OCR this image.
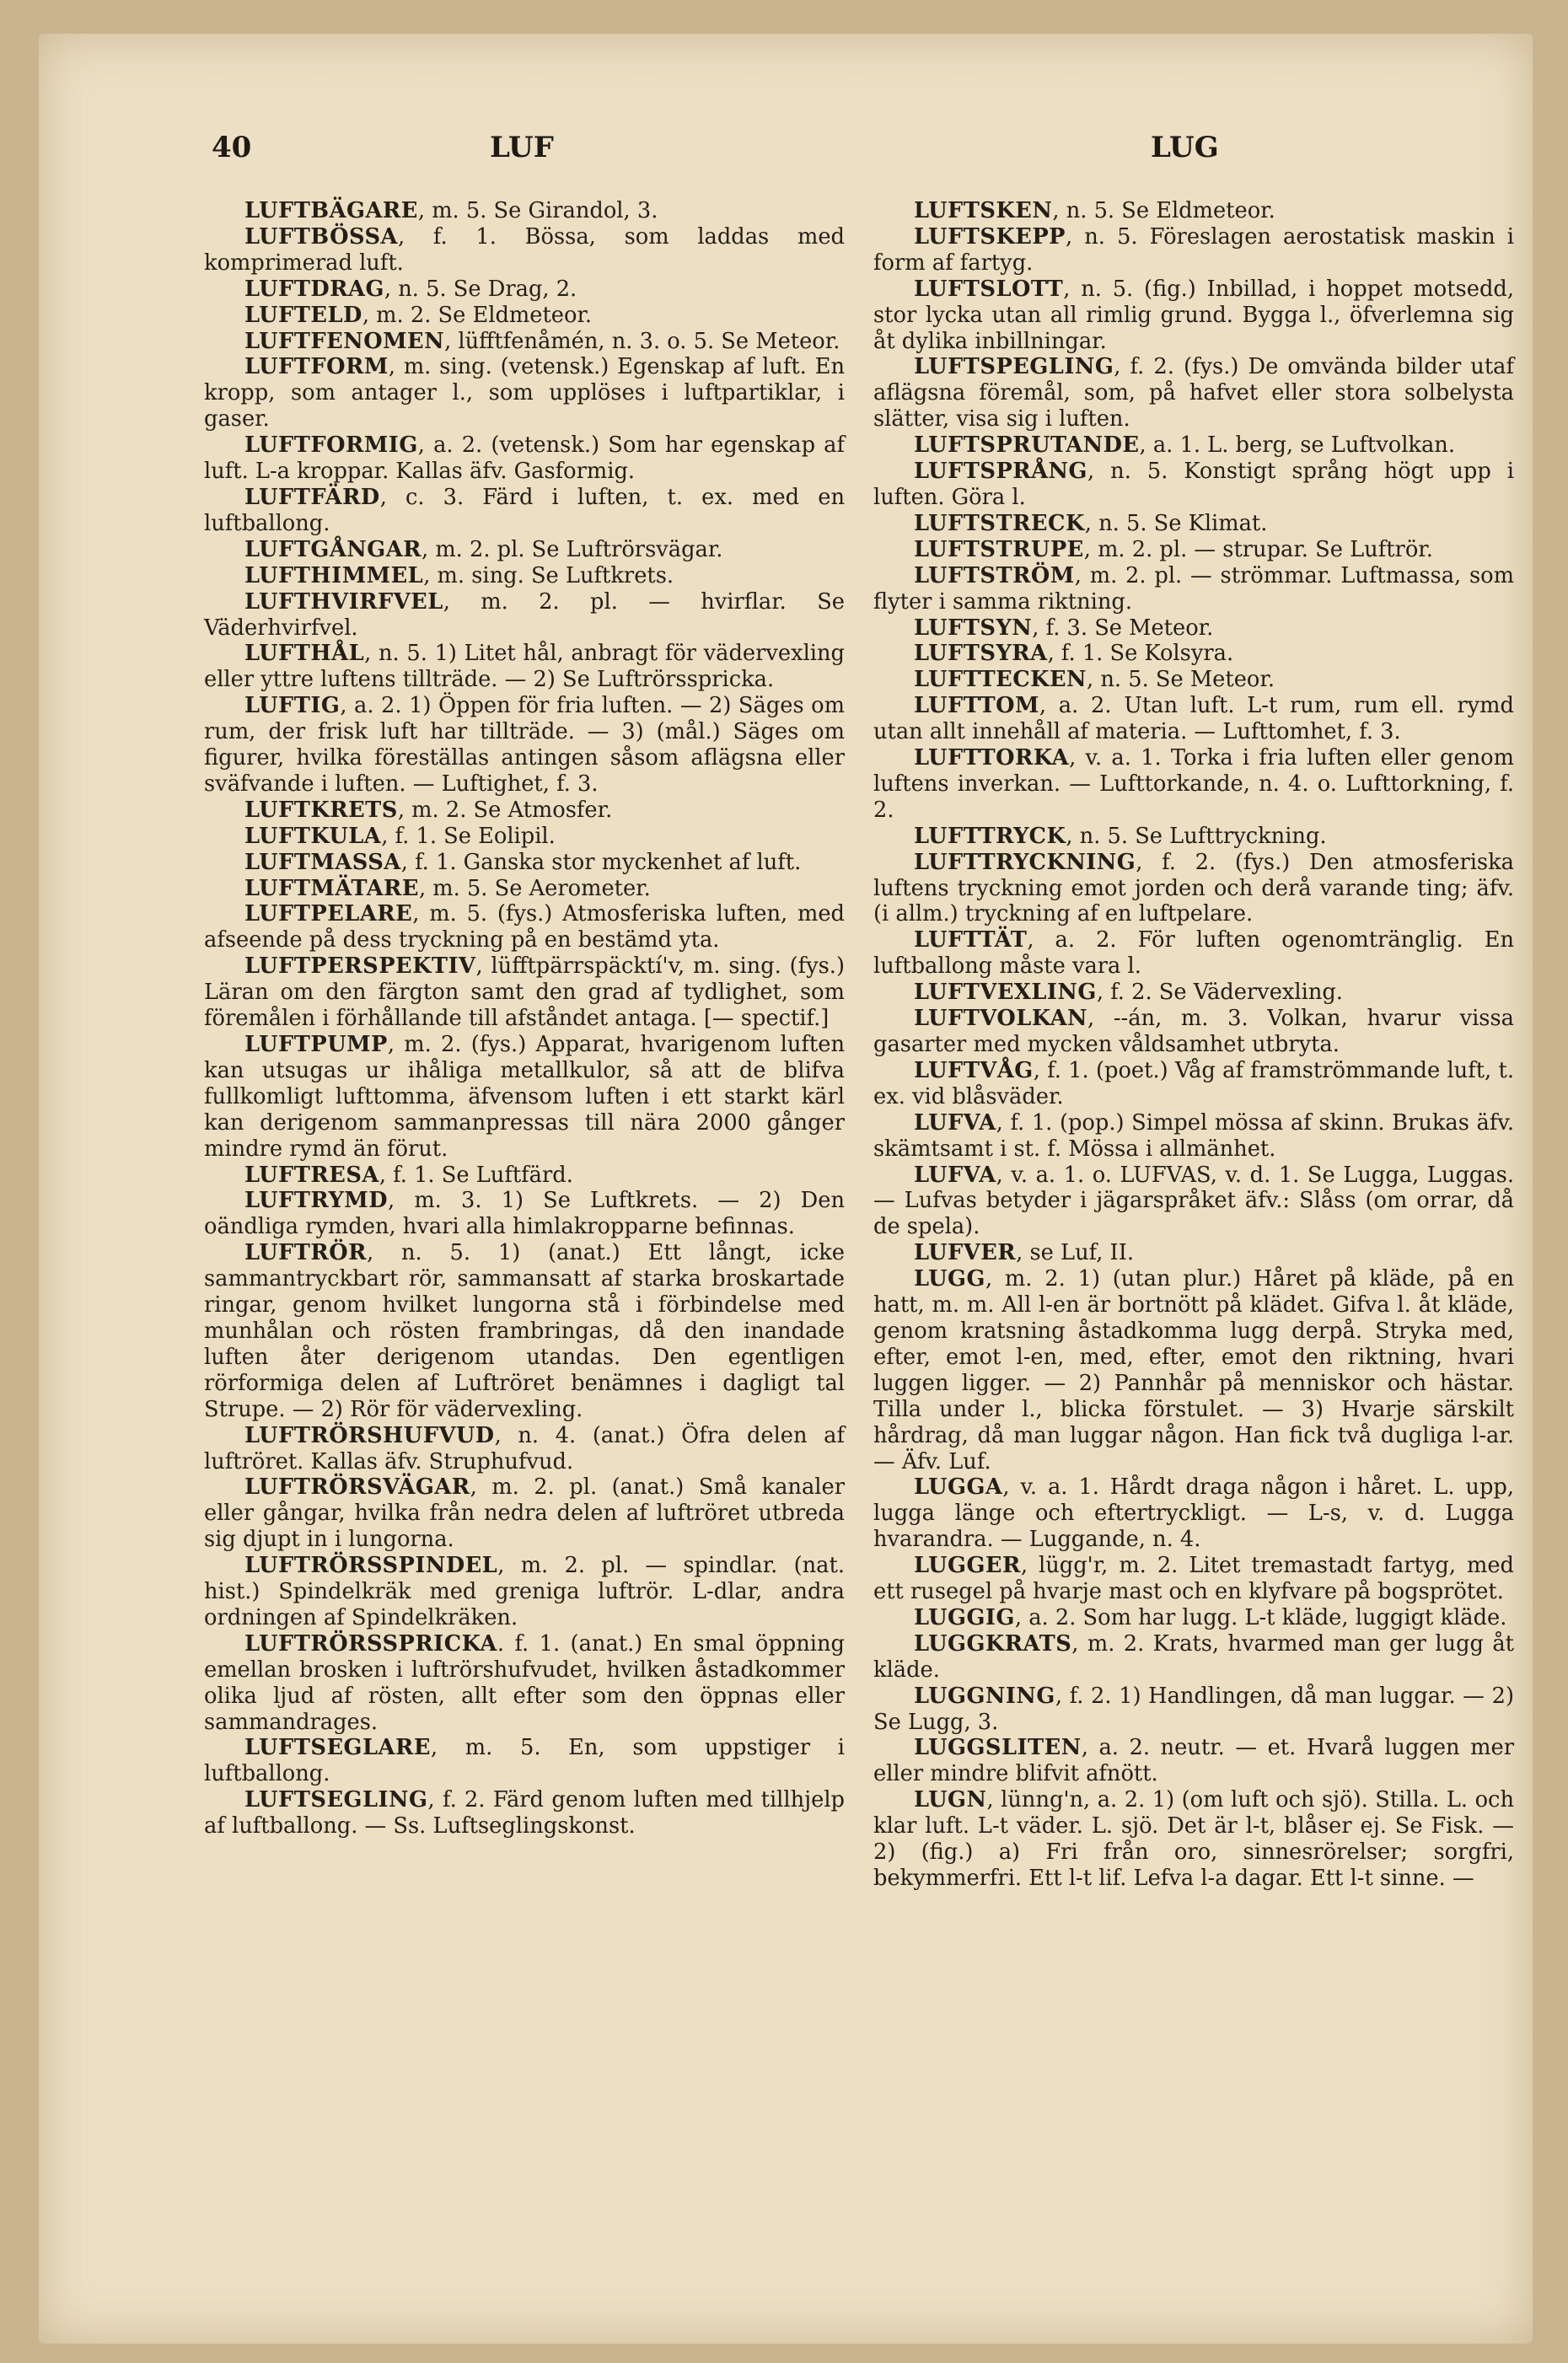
40	LUF	LUG

LUFTBÄGARE, m. 5. Se Girandol, 3.

LUFTBÖSSA, f. 1. Bössa, som laddas med komprimerad luft.

LUFTDRAG, n. 5. Se Drag, 2.

LUFTELD, m. 2. Se Eldmeteor.

LUFTFENOMEN, lüfftfenåmén, n. 3. o. 5. Se Meteor.

LUFTFORM, m. sing. (vetensk.) Egenskap af luft. En kropp, som antager l., som upplöses i luftpartiklar, i gaser.

LUFTFORMIG, a. 2. (vetensk.) Som har egenskap af luft. L-a kroppar. Kallas äfv. Gasformig.

LUFTFÄRD, c. 3. Färd i luften, t. ex. med en luftballong.

LUFTGÅNGAR, m. 2. pl. Se Luftrörsvägar.

LUFTHIMMEL, m. sing. Se Luftkrets.

LUFTHVIRFVEL, m. 2. pl. — hvirflar. Se Väderhvirfvel.

LUFTHÅL, n. 5. 1) Litet hål, anbragt för vädervexling eller yttre luftens tillträde. — 2) Se Luftrörsspricka.

LUFTIG, a. 2. 1) Öppen för fria luften. — 2) Säges om rum, der frisk luft har tillträde. — 3) (mål.) Säges om figurer, hvilka föreställas antingen såsom aflägsna eller sväfvande i luften. — Luftighet, f. 3.

LUFTKRETS, m. 2. Se Atmosfer.

LUFTKULA, f. 1. Se Eolipil.

LUFTMASSA, f. 1. Ganska stor myckenhet af luft.

LUFTMÄTARE, m. 5. Se Aerometer.

LUFTPELARE, m. 5. (fys.) Atmosferiska luften, med afseende på dess tryckning på en bestämd yta.

LUFTPERSPEKTIV, lüfftpärrspäcktí'v, m. sing. (fys.) Läran om den färgton samt den grad af tydlighet, som föremålen i förhållande till afståndet antaga. [— spectif.]

LUFTPUMP, m. 2. (fys.) Apparat, hvarigenom luften kan utsugas ur ihåliga metallkulor, så att de blifva fullkomligt lufttomma, äfvensom luften i ett starkt kärl kan derigenom sammanpressas till nära 2000 gånger mindre rymd än förut.

LUFTRESA, f. 1. Se Luftfärd.

LUFTRYMD, m. 3. 1) Se Luftkrets. — 2) Den oändliga rymden, hvari alla himlakropparne befinnas.

LUFTRÖR, n. 5. 1) (anat.) Ett långt, icke sammantryckbart rör, sammansatt af starka broskartade ringar, genom hvilket lungorna stå i förbindelse med munhålan och rösten frambringas, då den inandade luften åter derigenom utandas. Den egentligen rörformiga delen af Luftröret benämnes i dagligt tal Strupe. — 2) Rör för vädervexling.

LUFTRÖRSHUFVUD, n. 4. (anat.) Öfra delen af luftröret. Kallas äfv. Struphufvud.

LUFTRÖRSVÄGAR, m. 2. pl. (anat.) Små kanaler eller gångar, hvilka från nedra delen af luftröret utbreda sig djupt in i lungorna.

LUFTRÖRSSPINDEL, m. 2. pl. — spindlar. (nat. hist.) Spindelkräk med greniga luftrör. L-dlar, andra ordningen af Spindelkräken.

LUFTRÖRSSPRICKA. f. 1. (anat.) En smal öppning emellan brosken i luftrörshufvudet, hvilken åstadkommer olika ljud af rösten, allt efter som den öppnas eller sammandrages.

LUFTSEGLARE, m. 5. En, som uppstiger i luftballong.

LUFTSEGLING, f. 2. Färd genom luften med tillhjelp af luftballong. — Ss. Luftseglingskonst.

LUFTSKEN, n. 5. Se Eldmeteor.

LUFTSKEPP, n. 5. Föreslagen aerostatisk maskin i form af fartyg.

LUFTSLOTT, n. 5. (fig.) Inbillad, i hoppet motsedd, stor lycka utan all rimlig grund. Bygga l., öfverlemna sig åt dylika inbillningar.

LUFTSPEGLING, f. 2. (fys.) De omvända bilder utaf aflägsna föremål, som, på hafvet eller stora solbelysta slätter, visa sig i luften.

LUFTSPRUTANDE, a. 1. L. berg, se Luftvolkan.

LUFTSPRÅNG, n. 5. Konstigt språng högt upp i luften. Göra l.

LUFTSTRECK, n. 5. Se Klimat.

LUFTSTRUPE, m. 2. pl. — strupar. Se Luftrör.

LUFTSTRÖM, m. 2. pl. — strömmar. Luftmassa, som flyter i samma riktning.

LUFTSYN, f. 3. Se Meteor.

LUFTSYRA, f. 1. Se Kolsyra.

LUFTTECKEN, n. 5. Se Meteor.

LUFTTOM, a. 2. Utan luft. L-t rum, rum ell. rymd utan allt innehåll af materia. — Lufttomhet, f. 3.

LUFTTORKA, v. a. 1. Torka i fria luften eller genom luftens inverkan. — Lufttorkande, n. 4. o. Lufttorkning, f. 2.

LUFTTRYCK, n. 5. Se Lufttryckning.

LUFTTRYCKNING, f. 2. (fys.) Den atmosferiska luftens tryckning emot jorden och derå varande ting; äfv. (i allm.) tryckning af en luftpelare.

LUFTTÄT, a. 2. För luften ogenomtränglig. En luftballong måste vara l.

LUFTVEXLING, f. 2. Se Vädervexling.

LUFTVOLKAN, --án, m. 3. Volkan, hvarur vissa gasarter med mycken våldsamhet utbryta.

LUFTVÅG, f. 1. (poet.) Våg af framströmmande luft, t. ex. vid blåsväder.

LUFVA, f. 1. (pop.) Simpel mössa af skinn. Brukas äfv. skämtsamt i st. f. Mössa i allmänhet.

LUFVA, v. a. 1. o. LUFVAS, v. d. 1. Se Lugga, Luggas. — Lufvas betyder i jägarspråket äfv.: Slåss (om orrar, då de spela).

LUFVER, se Luf, II.

LUGG, m. 2. 1) (utan plur.) Håret på kläde, på en hatt, m. m. All l-en är bortnött på klädet. Gifva l. åt kläde, genom kratsning åstadkomma lugg derpå. Stryka med, efter, emot l-en, med, efter, emot den riktning, hvari luggen ligger. — 2) Pannhår på menniskor och hästar. Tilla under l., blicka förstulet. — 3) Hvarje särskilt hårdrag, då man luggar någon. Han fick två dugliga l-ar. — Äfv. Luf.

LUGGA, v. a. 1. Hårdt draga någon i håret. L. upp, lugga länge och eftertryckligt. — L-s, v. d. Lugga hvarandra. — Luggande, n. 4.

LUGGER, lügg'r, m. 2. Litet tremastadt fartyg, med ett rusegel på hvarje mast och en klyfvare på bogsprötet.

LUGGIG, a. 2. Som har lugg. L-t kläde, luggigt kläde.

LUGGKRATS, m. 2. Krats, hvarmed man ger lugg åt kläde.

LUGGNING, f. 2. 1) Handlingen, då man luggar. — 2) Se Lugg, 3.

LUGGSLITEN, a. 2. neutr. — et. Hvarå luggen mer eller mindre blifvit afnött.

LUGN, lünng'n, a. 2. 1) (om luft och sjö). Stilla. L. och klar luft. L-t väder. L. sjö. Det är l-t, blåser ej. Se Fisk. — 2) (fig.) a) Fri från oro, sinnesrörelser; sorgfri, bekymmerfri. Ett l-t lif. Lefva l-a dagar. Ett l-t sinne. —
